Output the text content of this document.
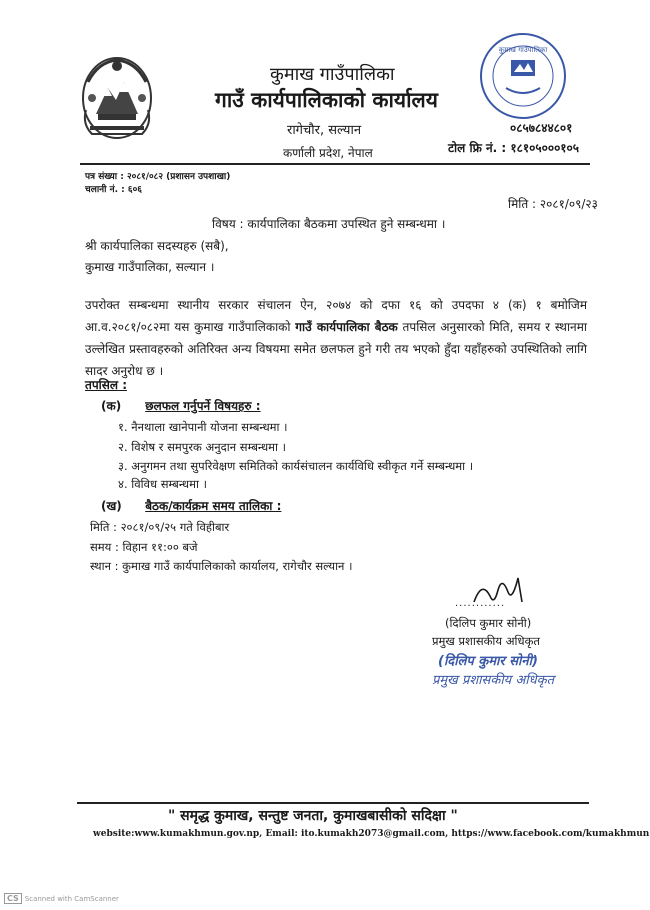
कुमाख गाउँपालिका
कुमाख गाउँपालिका
गाउँ कार्यपालिकाको कार्यालय
रागेचौर, सल्यान
कर्णाली प्रदेश, नेपाल
०८५७८४४८०१
टोल फ्रि नं. : १८१०५०००१०५
पत्र संख्या : २०८१/०८२ (प्रशासन उपशाखा)
चलानी नं. : ६०६
मिति : २०८१/०९/२३
विषय : कार्यपालिका बैठकमा उपस्थित हुने सम्बन्धमा ।
श्री कार्यपालिका सदस्यहरु (सबै),
कुमाख गाउँपालिका, सल्यान ।
उपरोक्त सम्बन्धमा स्थानीय सरकार संचालन ऐन, २०७४ को दफा १६ को उपदफा ४ (क) १ बमोजिम आ.व.२०८१/०८२मा यस कुमाख गाउँपालिकाको गाउँ कार्यपालिका बैठक तपसिल अनुसारको मिति, समय र स्थानमा उल्लेखित प्रस्तावहरुको अतिरिक्त अन्य विषयमा समेत छलफल हुने गरी तय भएको हुँदा यहाँहरुको उपस्थितिको लागि सादर अनुरोध छ ।
तपसिल :
(क) छलफल गर्नुपर्ने विषयहरु :
१. नैनथाला खानेपानी योजना सम्बन्धमा ।
२. विशेष र समपुरक अनुदान सम्बन्धमा ।
३. अनुगमन तथा सुपरिवेक्षण समितिको कार्यसंचालन कार्यविधि स्वीकृत गर्ने सम्बन्धमा ।
४. विविध सम्बन्धमा ।
(ख) बैठक/कार्यक्रम समय तालिका :
मिति : २०८१/०९/२५ गते विहीबार
समय : विहान ११:०० बजे
स्थान : कुमाख गाउँ कार्यपालिकाको कार्यालय, रागेचौर सल्यान ।
............
(दिलिप कुमार सोनी)
प्रमुख प्रशासकीय अधिकृत
(दिलिप कुमार सोनी)
प्रमुख प्रशासकीय अधिकृत
" समृद्ध कुमाख, सन्तुष्ट जनता, कुमाखबासीको सदिक्षा "
website:www.kumakhmun.gov.np, Email: ito.kumakh2073@gmail.com, https://www.facebook.com/kumakhmun
CS Scanned with CamScanner
